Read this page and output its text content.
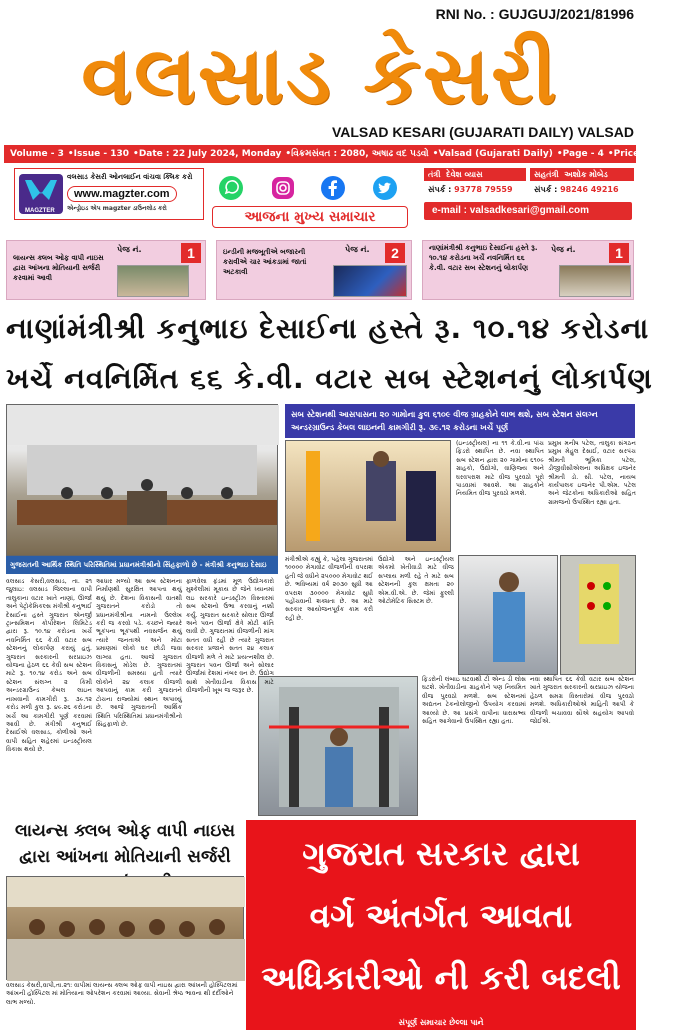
RNI No. : GUJGUJ/2021/81996
વલસાડ કેસરી
VALSAD KESARI (GUJARATI DAILY) VALSAD
Volume - 3 • Issue - 130 • Date : 22 July 2024, Monday • વિક્રમસંવત : 2080, અષાઢ વદ ૫ડવો • Valsad (Gujarati Daily) • Page - 4 • Price - Rs. 2/-
MAGZTER
વલસાડ કેસરી ઓનલાઈન વાંચવા ક્લિક કરો
www.magzter.com
એન્ડ્રોઇડ એપ magzter ડાઉનલોડ કરો
આજના મુખ્ય સમાચાર
તંત્રી દેવેશ વ્યાસ
સંપર્ક : 93778 79559
સહતંત્રી અશોક મોબેડ
સંપર્ક : 98246 49216
e-mail : valsadkesari@gmail.com
લાયન્સ ક્લબ ઓફ વાપી નાઇસ દ્વારા આંખના મોતિયાની સર્જરી કરવામાં આવી
પેજ નં.	1	ઇન્ડીની મજબૂતીએ બજારની કરાવીએ ચાર આંકડામાં જાતાં અટકાવી
પેજ નં.	2	નાણાંમંત્રીશ્રી કનુભાઇ દેસાઈના હસ્તે રૂ. ૧૦.૧૪ કરોડના ખર્ચે નવનિર્મિત ૬૬ કે.વી. વટાર સબ સ્ટેશનનું લોકાર્પણ
પેજ નં.	1
નાણાંમંત્રીશ્રી કનુભાઇ દેસાઈના હસ્તે રૂ. ૧૦.૧૪ કરોડના
ખર્ચે નવનિર્મિત ૬૬ કે.વી. વટાર સબ સ્ટેશનનું લોકાર્પણ
ગુજરાતની આર્થિક સ્થિતિ પરિસ્થિતિમાં પ્રધાનમંત્રીશ્રીનો સિંહફાળો છે - મંત્રીશ્રી કનુભાઇ દેસાઇ
સબ સ્ટેશનથી આસપાસના ૨૦ ગામોના કુલ ૬૧૦૯ વીજ ગ્રાહકોને લાભ થશે, સબ સ્ટેશન સંલગ્ન અન્ડરગ્રાઉન્ડ કેબલ લાઇનની કામગીરી રૂ. ૩૯.૧૨ કરોડના ખર્ચે પૂર્ણ
વલસાડ કેસરી,વલસાડ, તા. ૨૧ જુલાઇ: વલસાડ જિલ્લાના વાપી તાલુકાના વટાર ખાતે નાણાં, ઊર્જા અને પેટ્રોકેમિકલ્સ મંત્રીશ્રી કનુભાઈ દેસાઈના હસ્તે ગુજરાત એનર્જી ટ્રાન્સમિશન કોર્પોરેશન લિમિટેડ દ્વારા રૂ. ૧૦.૧૪ કરોડના ખર્ચે નવનિર્મિત ૬૬ કે.વી વટાર સબ સ્ટેશનનું લોકાર્પણ કરાયું હતું. ગુજરાત સરકારની સરપ્રાઇઝ યોજના હેઠળ ૬૬ કેવી સબ સ્ટેશન માટે રૂ. ૧૦.૧૪ કરોડ અને સબ સ્ટેશન સંલગ્ન ૨ કિમી અન્ડરગ્રાઉન્ડ કેબલ લાઇન નાખવાની કામગીરી રૂ. ૩૯.૧૨ કરોડ મળી કુલ રૂ. ૪૯.૨૬ કરોડના ખર્ચે આ કામગીરી પૂર્ણ કરવામાં આવી છે. મંત્રીશ્રી કનુભાઈ દેસાઈએ વલસાડ, કોળીઓ અને વાપી સહિત શહેરમાં ઇન્ડસ્ટ્રીયલ વિકાસ થયો છે.
આધાર મળ્યો આ સબ સ્ટેશનના નિર્માણથી સુરક્ષિત આપતા થયું થયું છે. દેશના વિકાસની વાતથી ગુજરાતને કરોડો તો પ્રધાનમંત્રીશ્રીના નામનો ઉલ્લેખ કરી જ કરવો પડે. કચ્છને જ્યારે ભૂકંપના ભૂકંપથી નવસર્જન થયું ત્યારે જનતાએ અને મોટા પ્રમાણમાં લોકો ઘર છોડી જવા લાગ્યા હતા. આજે ગુજરાત વિકાસનું મોડેલ છે. ગુજરાતમાં વીજળીની સમસ્યા હતી ત્યારે લોકોને ૨૪ કલાક વીજળી આપવાનું કામ કરી ગુજરાતને ટોચના રાજ્યોમાં સ્થાન અપાવ્યું છે. આજે ગુજરાતની આર્થિક સ્થિતિ પરિસ્થિતિમાં પ્રધાનમંત્રીશ્રીનો સિંહફાળો છે.
ફાળવેલા ફંડમાં મૂળ ઉદ્યોગકારો મુશ્કેલીમાં મૂકાય છે જેને ધ્યાનમાં લઇ સરકારે ઇન્ડસ્ટ્રીઝ વિસ્તારમાં સબ સ્ટેશનો ઉભા કરવાનું નક્કી કર્યું. ગુજરાત સરકારે સોલાર ઊર્જા અને પવન ઊર્જા ક્ષેત્રે મોટી ક્રાંતિ લાવી છે. ગુજરાતમાં વીજળીની માંગ સતત વધી રહી છે ત્યારે ગુજરાત સરકાર પ્રજાને સતત ૨૪ કલાક વીજળી મળે તે માટે પ્રયત્નશીલ છે. ગુજરાત પવન ઊર્જા અને સોલાર ઊર્જામાં દેશમાં નંબર વન છે. ઉદ્યોગ સાથે ખેતીવાડીના વિકાસ માટે વીજળીની ખૂબ જ જરૂર છે.
મંત્રીશ્રીએ કહ્યું કે, પહેલા ગુજરાતમાં ૧૦૦૦૦ મેગાવોટ વીજળીની વપરાશ હતી જે વધીને ૨૫૦૦૦ મેગાવોટ થઈ છે. ભવિષ્યમાં વર્ષ ૨૦૩૦ સુધી આ વપરાશ ૩૦૦૦૦ મેગાવોટ સુધી પહોંચવાની શક્યતા છે. આ માટે સરકાર આયોજનપૂર્વક કામ કરી રહી છે.
ઉદ્યોગો અને ઇન્ડસ્ટ્રીયલ એકમો ખેતીવાડી માટે વીજ સપ્લાય મળી રહે તે માટે સબ સ્ટેશનની કુલ ક્ષમતા ૨૦ એમ.વી.એ. છે. જેમાં ફુલ્લી ઓટોમેટિક સિસ્ટમ છે.
(ઇન્ડસ્ટ્રીયલ) ના ૧૧ કે.વી.ના પાંચ ફિડરો સ્થાપિત છે. નવા સ્થાપિત સબ સ્ટેશન દ્વારા ૨૦ ગામોના ૬૧૦૯ ગ્રાહકો, ઉદ્યોગો, વાણિજ્ય અને ઘરવપરાશ માટે વીજ પુરવઠો પૂરો પાડવામાં આવશે. આ ગ્રાહકોને નિયમિત વીજ પુરવઠો મળશે.
પ્રમુખ મનીષ પટેલ, તાલુકા સંગઠન પ્રમુખ મેહુલ દેસાઈ, વટાર સરપંચ શ્રીમતી ભૂમિકા પટેલ, ડીજીવીસીએલના અધિક્ષક ઇજનેર શ્રીમતી ડો. સી. પટેલ, નાયબ કાર્યપાલક ઇજનેર પી.એમ. પટેલ અને જેટકોના અધિકારીઓ સહિત ગ્રામજનો ઉપસ્થિત રહ્યા હતા.
ફિડરોની લંબાઇ ઘટવાથી ટી એન્ડ ડી લોસ ઘટશે. ખેતીવાડીના ગ્રાહકોને પણ નિયમિત વીજ પુરવઠો મળશે. સબ સ્ટેશનમાં અદ્યતન ટેકનોલોજીનો ઉપયોગ કરવામાં આવ્યો છે. આ પ્રસંગે વાપીના ધારાસભ્ય સહિત આગેવાનો ઉપસ્થિત રહ્યા હતા.
નવા સ્થાપિત ૬૬ કેવી વટાર સબ સ્ટેશન ખાતે ગુજરાત સરકારની સરપ્રાઇઝ યોજના હેઠળ સમગ્ર વિસ્તારોમાં વીજ પુરવઠો મળશે. અધિકારીઓએ માહિતી આપી કે વીજળી બચાવવા સૌએ સહયોગ આપવો જોઈએ.
લાયન્સ ક્લબ ઓફ વાપી નાઇસ દ્વારા આંખના મોતિયાની સર્જરી
વલસાડ કેસરી,વાપી,તા.૨૧: વાપીમાં લાયન્સ ક્લબ ઓફ વાપી નાઇસ દ્વારા આંખની હોસ્પિટલમાં આંખની હોસ્પિટલ માં મોતિયાના ઓપરેશન કરવામાં આવ્યા. સેવાની શ્રેષ્ઠ ભાવના થી દર્દીઓને લાભ મળ્યો.
ગુજરાત સરકાર દ્વારા
વર્ગ અંતર્ગત આવતા
અધિકારીઓ ની કરી બદલી
સંપૂર્ણ સમાચાર છેલ્લા પાને
